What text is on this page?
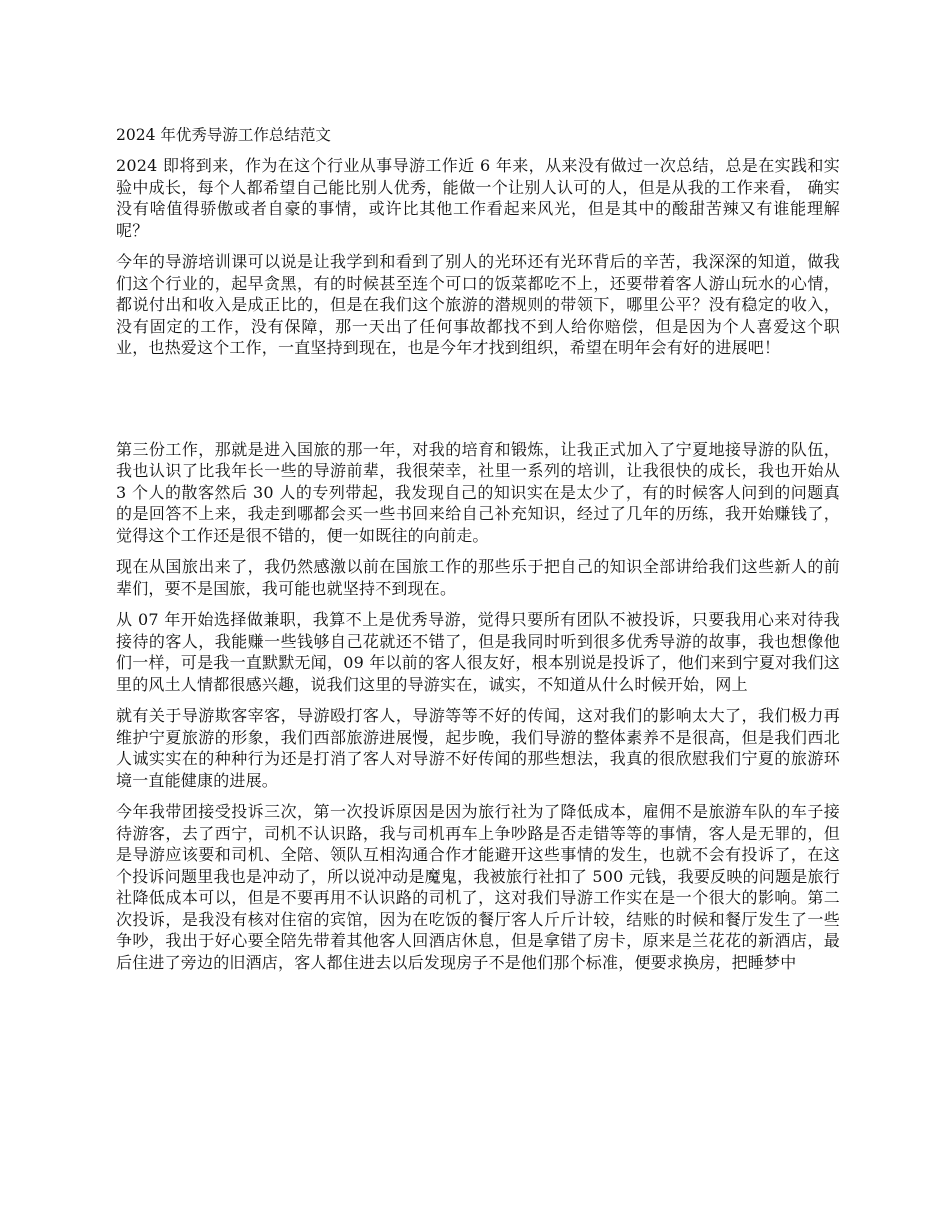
2024 年优秀导游工作总结范文

2024 即将到来，作为在这个行业从事导游工作近 6 年来，从来没有做过一次总结，总是在实践和实验中成长，每个人都希望自己能比别人优秀，能做一个让别人认可的人，但是从我的工作来看， 确实没有啥值得骄傲或者自豪的事情，或许比其他工作看起来风光，但是其中的酸甜苦辣又有谁能理解呢？

今年的导游培训课可以说是让我学到和看到了别人的光环还有光环背后的辛苦，我深深的知道，做我们这个行业的，起早贪黑，有的时候甚至连个可口的饭菜都吃不上，还要带着客人游山玩水的心情，都说付出和收入是成正比的，但是在我们这个旅游的潜规则的带领下，哪里公平？没有稳定的收入，没有固定的工作，没有保障，那一天出了任何事故都找不到人给你赔偿，但是因为个人喜爱这个职业，也热爱这个工作，一直坚持到现在，也是今年才找到组织，希望在明年会有好的进展吧！

第三份工作，那就是进入国旅的那一年，对我的培育和锻炼，让我正式加入了宁夏地接导游的队伍，我也认识了比我年长一些的导游前辈，我很荣幸，社里一系列的培训，让我很快的成长，我也开始从 3 个人的散客然后 30 人的专列带起，我发现自己的知识实在是太少了，有的时候客人问到的问题真的是回答不上来，我走到哪都会买一些书回来给自己补充知识，经过了几年的历练，我开始赚钱了，觉得这个工作还是很不错的，便一如既往的向前走。

现在从国旅出来了，我仍然感激以前在国旅工作的那些乐于把自己的知识全部讲给我们这些新人的前辈们，要不是国旅，我可能也就坚持不到现在。

从 07 年开始选择做兼职，我算不上是优秀导游，觉得只要所有团队不被投诉，只要我用心来对待我接待的客人，我能赚一些钱够自己花就还不错了，但是我同时听到很多优秀导游的故事，我也想像他们一样，可是我一直默默无闻，09 年以前的客人很友好，根本别说是投诉了，他们来到宁夏对我们这里的风土人情都很感兴趣，说我们这里的导游实在，诚实，不知道从什么时候开始，网上

就有关于导游欺客宰客，导游殴打客人，导游等等不好的传闻，这对我们的影响太大了，我们极力再维护宁夏旅游的形象，我们西部旅游进展慢，起步晚，我们导游的整体素养不是很高，但是我们西北人诚实实在的种种行为还是打消了客人对导游不好传闻的那些想法，我真的很欣慰我们宁夏的旅游环境一直能健康的进展。

今年我带团接受投诉三次，第一次投诉原因是因为旅行社为了降低成本，雇佣不是旅游车队的车子接待游客，去了西宁，司机不认识路，我与司机再车上争吵路是否走错等等的事情，客人是无罪的，但是导游应该要和司机、全陪、领队互相沟通合作才能避开这些事情的发生，也就不会有投诉了，在这个投诉问题里我也是冲动了，所以说冲动是魔鬼，我被旅行社扣了 500 元钱，我要反映的问题是旅行社降低成本可以，但是不要再用不认识路的司机了，这对我们导游工作实在是一个很大的影响。第二次投诉，是我没有核对住宿的宾馆，因为在吃饭的餐厅客人斤斤计较，结账的时候和餐厅发生了一些争吵，我出于好心要全陪先带着其他客人回酒店休息，但是拿错了房卡，原来是兰花花的新酒店，最后住进了旁边的旧酒店，客人都住进去以后发现房子不是他们那个标准，便要求换房，把睡梦中
